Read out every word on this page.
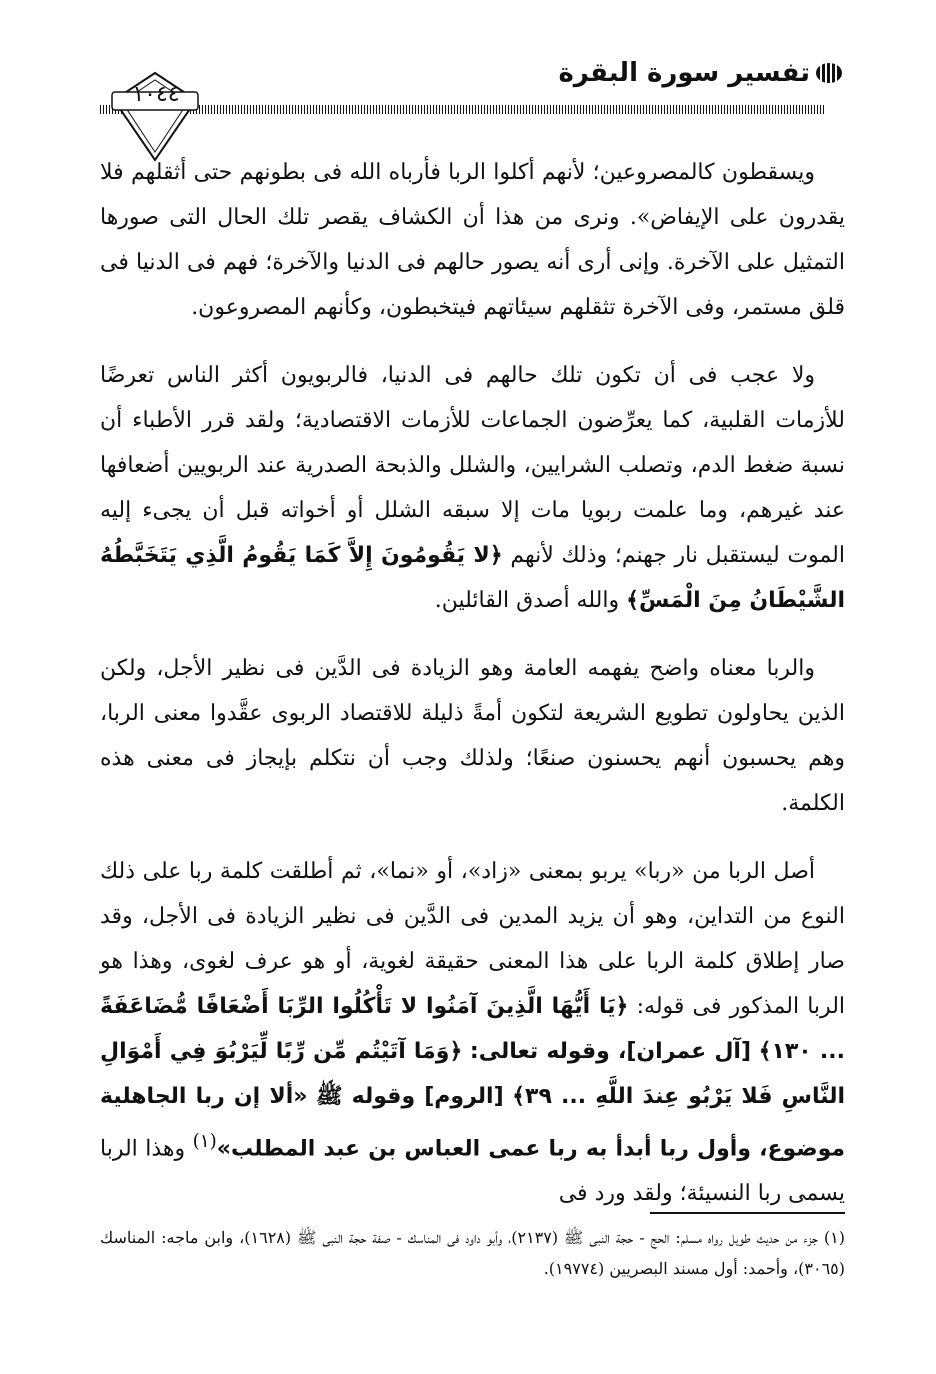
تفسير سورة البقرة
١٠٤٤

ويسقطون كالمصروعين؛ لأنهم أكلوا الربا فأرباه الله فى بطونهم حتى أثقلهم فلا يقدرون على الإيفاض». ونرى من هذا أن الكشاف يقصر تلك الحال التى صورها التمثيل على الآخرة. وإنى أرى أنه يصور حالهم فى الدنيا والآخرة؛ فهم فى الدنيا فى قلق مستمر، وفى الآخرة تثقلهم سيئاتهم فيتخبطون، وكأنهم المصروعون.

ولا عجب فى أن تكون تلك حالهم فى الدنيا، فالربويون أكثر الناس تعرضًا للأزمات القلبية، كما يعرِّضون الجماعات للأزمات الاقتصادية؛ ولقد قرر الأطباء أن نسبة ضغط الدم، وتصلب الشرايين، والشلل والذبحة الصدرية عند الربويين أضعافها عند غيرهم، وما علمت ربويا مات إلا سبقه الشلل أو أخواته قبل أن يجىء إليه الموت ليستقبل نار جهنم؛ وذلك لأنهم ﴿لا يَقُومُونَ إِلاَّ كَمَا يَقُومُ الَّذِي يَتَخَبَّطُهُ الشَّيْطَانُ مِنَ الْمَسِّ﴾ والله أصدق القائلين.

والربا معناه واضح يفهمه العامة وهو الزيادة فى الدَّين فى نظير الأجل، ولكن الذين يحاولون تطويع الشريعة لتكون أمةً ذليلة للاقتصاد الربوى عقَّدوا معنى الربا، وهم يحسبون أنهم يحسنون صنعًا؛ ولذلك وجب أن نتكلم بإيجاز فى معنى هذه الكلمة.

أصل الربا من «ربا» يربو بمعنى «زاد»، أو «نما»، ثم أطلقت كلمة ربا على ذلك النوع من التداين، وهو أن يزيد المدين فى الدَّين فى نظير الزيادة فى الأجل، وقد صار إطلاق كلمة الربا على هذا المعنى حقيقة لغوية، أو هو عرف لغوى، وهذا هو الربا المذكور فى قوله: ﴿يَا أَيُّهَا الَّذِينَ آمَنُوا لا تَأْكُلُوا الرِّبَا أَضْعَافًا مُّضَاعَفَةً ... ١٣٠﴾ [آل عمران]، وقوله تعالى: ﴿وَمَا آتَيْتُم مِّن رِّبًا لِّيَرْبُوَ فِي أَمْوَالِ النَّاسِ فَلا يَرْبُو عِندَ اللَّهِ ... ٣٩﴾ [الروم] وقوله ﷺ «ألا إن ربا الجاهلية موضوع، وأول ربا أبدأ به ربا عمى العباس بن عبد المطلب»$^{(١)}$ وهذا الربا يسمى ربا النسيئة؛ ولقد ورد فى

(١) جزء من حديث طويل رواه مسلم: الحج - حجة النبى ﷺ (٢١٣٧)، وأبو داود فى المناسك - صفة حجة النبى ﷺ (١٦٢٨)، وابن ماجه: المناسك (٣٠٦٥)، وأحمد: أول مسند البصريين (١٩٧٧٤).
